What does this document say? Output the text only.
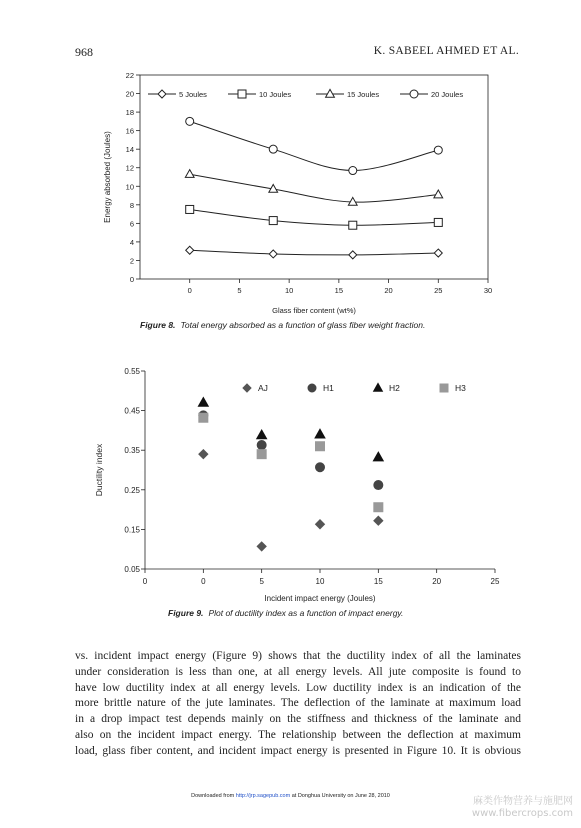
968	K. SABEEL AHMED ET AL.
0
2
4
6
8
10
12
14
16
18
20
22
0	5	10	15	20	25	30
Glass fiber content (wt%)
Energy absorbed (Joules)
5 Joules	10 Joules	15 Joules	20 Joules
Figure 8. Total energy absorbed as a function of glass fiber weight fraction.
0.05
0.15
0.25
0.35
0.45
0.55
0	0	5	10	15	20	25
Incident impact energy (Joules)
Ductility index
AJ	H1	H2	H3
Figure 9. Plot of ductility index as a function of impact energy.
vs. incident impact energy (Figure 9) shows that the ductility index of all the laminates
under consideration is less than one, at all energy levels. All jute composite is found to
have low ductility index at all energy levels. Low ductility index is an indication of the
more brittle nature of the jute laminates. The deflection of the laminate at maximum load
in a drop impact test depends mainly on the stiffness and thickness of the laminate and
also on the incident impact energy. The relationship between the deflection at maximum
load, glass fiber content, and incident impact energy is presented in Figure 10. It is obvious
Downloaded from http://jrp.sagepub.com at Donghua University on June 28, 2010	麻类作物营养与施肥网
www.fibercrops.com
